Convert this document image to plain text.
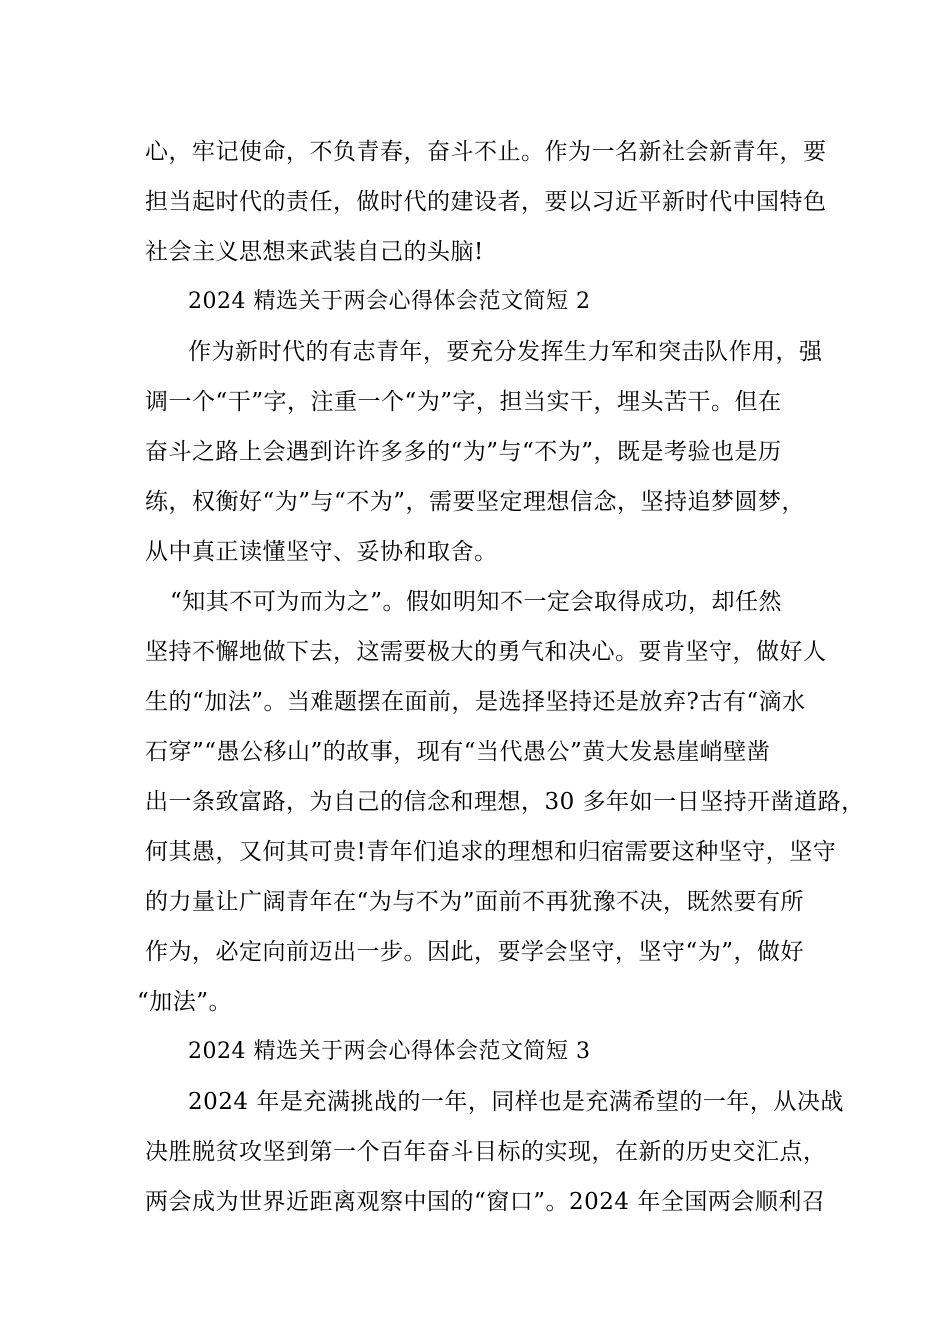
心，牢记使命，不负青春，奋斗不止。作为一名新社会新青年，要
担当起时代的责任，做时代的建设者，要以习近平新时代中国特色
社会主义思想来武装自己的头脑!
2024 精选关于两会心得体会范文简短 2
作为新时代的有志青年，要充分发挥生力军和突击队作用，强
调一个“干”字，注重一个“为”字，担当实干，埋头苦干。但在
奋斗之路上会遇到许许多多的“为”与“不为”，既是考验也是历
练，权衡好“为”与“不为”，需要坚定理想信念，坚持追梦圆梦，
从中真正读懂坚守、妥协和取舍。
“知其不可为而为之”。假如明知不一定会取得成功，却任然
坚持不懈地做下去，这需要极大的勇气和决心。要肯坚守，做好人
生的“加法”。当难题摆在面前，是选择坚持还是放弃?古有“滴水
石穿”“愚公移山”的故事，现有“当代愚公”黄大发悬崖峭壁凿
出一条致富路，为自己的信念和理想，30 多年如一日坚持开凿道路，
何其愚，又何其可贵!青年们追求的理想和归宿需要这种坚守，坚守
的力量让广阔青年在“为与不为”面前不再犹豫不决，既然要有所
作为，必定向前迈出一步。因此，要学会坚守，坚守“为”，做好
“加法”。
2024 精选关于两会心得体会范文简短 3
2024 年是充满挑战的一年，同样也是充满希望的一年，从决战
决胜脱贫攻坚到第一个百年奋斗目标的实现，在新的历史交汇点，
两会成为世界近距离观察中国的“窗口”。2024 年全国两会顺利召
